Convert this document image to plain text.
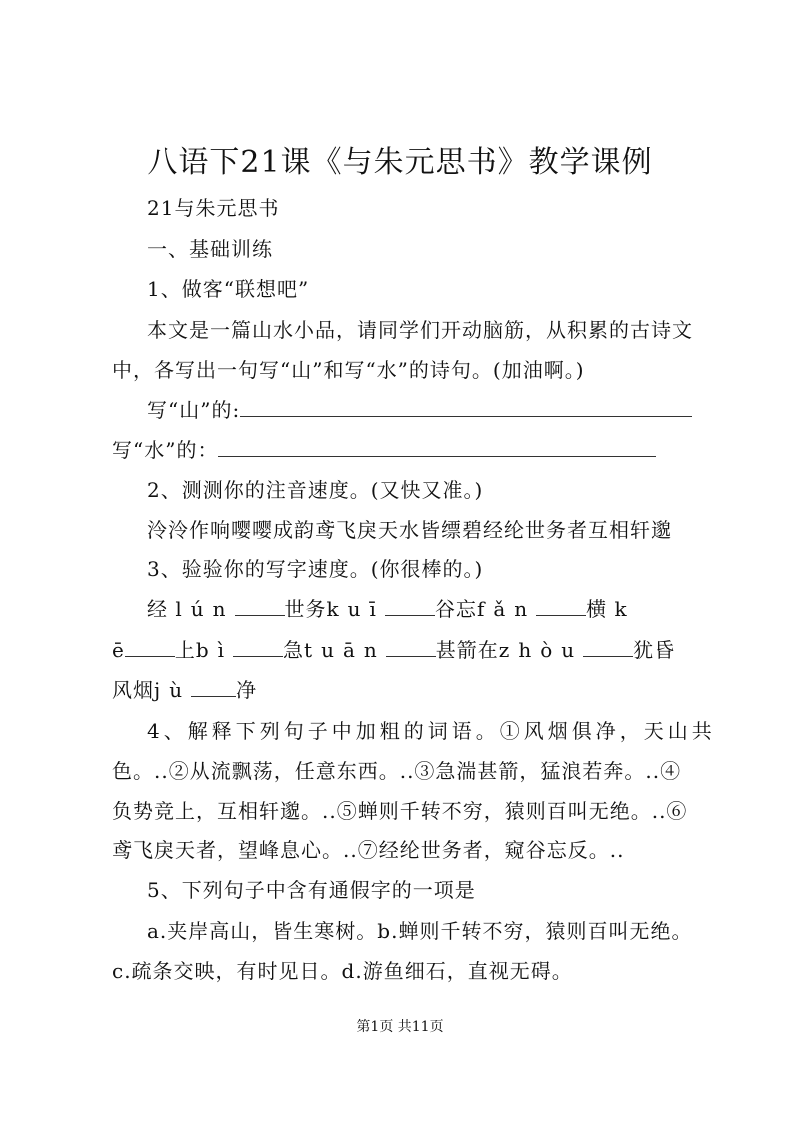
八语下21课《与朱元思书》教学课例
21与朱元思书
一、基础训练
1、做客“联想吧”
本文是一篇山水小品，请同学们开动脑筋，从积累的古诗文
中，各写出一句写“山”和写“水”的诗句。(加油啊。)
写“山”的:
写“水”的：
2、测测你的注音速度。(又快又准。)
泠泠作响嘤嘤成韵鸢飞戾天水皆缥碧经纶世务者互相轩邈
3、验验你的写字速度。(你很棒的。)
经 lún	世务kuī	谷忘fǎn	横 k
ē	上bì	急tuān	甚箭在zhòu	犹昏
风烟jù 净
4、解释下列句子中加粗的词语。①风烟俱净，天山共
色。..②从流飘荡，任意东西。..③急湍甚箭，猛浪若奔。..④
负势竞上，互相轩邈。..⑤蝉则千转不穷，猿则百叫无绝。..⑥
鸢飞戾天者，望峰息心。..⑦经纶世务者，窥谷忘反。..
5、下列句子中含有通假字的一项是
a.夹岸高山，皆生寒树。b.蝉则千转不穷，猿则百叫无绝。
c.疏条交映，有时见日。d.游鱼细石，直视无碍。
第1页 共11页
